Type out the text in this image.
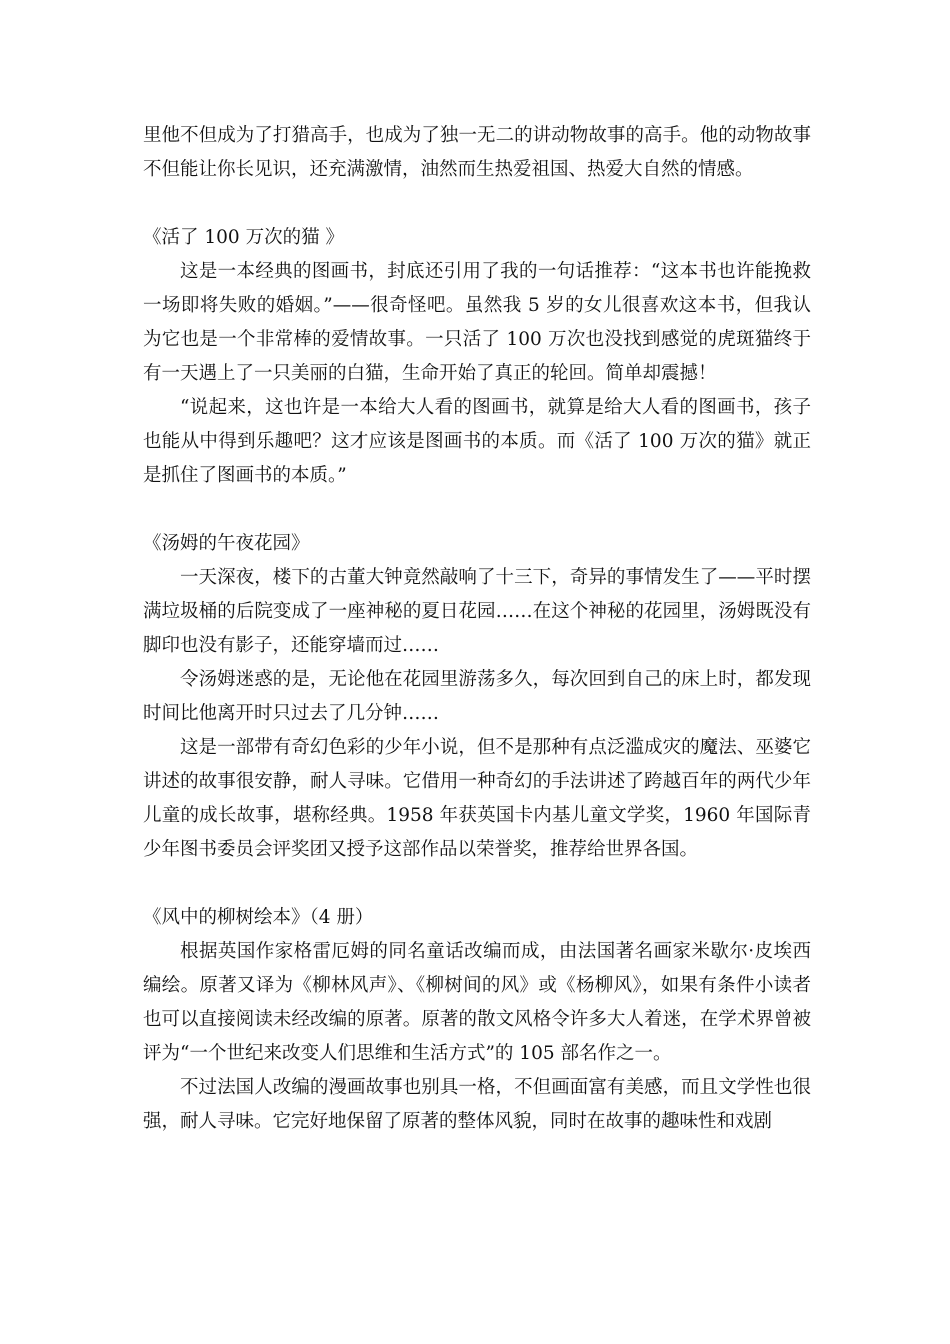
里他不但成为了打猎高手，也成为了独一无二的讲动物故事的高手。他的动物故事不但能让你长见识，还充满激情，油然而生热爱祖国、热爱大自然的情感。

《活了 100 万次的猫 》

这是一本经典的图画书，封底还引用了我的一句话推荐：“这本书也许能挽救一场即将失败的婚姻。”——很奇怪吧。虽然我 5 岁的女儿很喜欢这本书，但我认为它也是一个非常棒的爱情故事。一只活了 100 万次也没找到感觉的虎斑猫终于有一天遇上了一只美丽的白猫，生命开始了真正的轮回。简单却震撼！

“说起来，这也许是一本给大人看的图画书，就算是给大人看的图画书，孩子也能从中得到乐趣吧？这才应该是图画书的本质。而《活了 100 万次的猫》就正是抓住了图画书的本质。”

《汤姆的午夜花园》

一天深夜，楼下的古董大钟竟然敲响了十三下，奇异的事情发生了——平时摆满垃圾桶的后院变成了一座神秘的夏日花园……在这个神秘的花园里，汤姆既没有脚印也没有影子，还能穿墙而过……

令汤姆迷惑的是，无论他在花园里游荡多久，每次回到自己的床上时，都发现时间比他离开时只过去了几分钟……

这是一部带有奇幻色彩的少年小说，但不是那种有点泛滥成灾的魔法、巫婆它讲述的故事很安静，耐人寻味。它借用一种奇幻的手法讲述了跨越百年的两代少年儿童的成长故事，堪称经典。1958 年获英国卡内基儿童文学奖，1960 年国际青少年图书委员会评奖团又授予这部作品以荣誉奖，推荐给世界各国。

《风中的柳树绘本》（4 册）

根据英国作家格雷厄姆的同名童话改编而成，由法国著名画家米歇尔·皮埃西编绘。原著又译为《柳林风声》、《柳树间的风》或《杨柳风》，如果有条件小读者也可以直接阅读未经改编的原著。原著的散文风格令许多大人着迷，在学术界曾被评为“一个世纪来改变人们思维和生活方式”的 105 部名作之一。

不过法国人改编的漫画故事也别具一格，不但画面富有美感，而且文学性也很强，耐人寻味。它完好地保留了原著的整体风貌，同时在故事的趣味性和戏剧
